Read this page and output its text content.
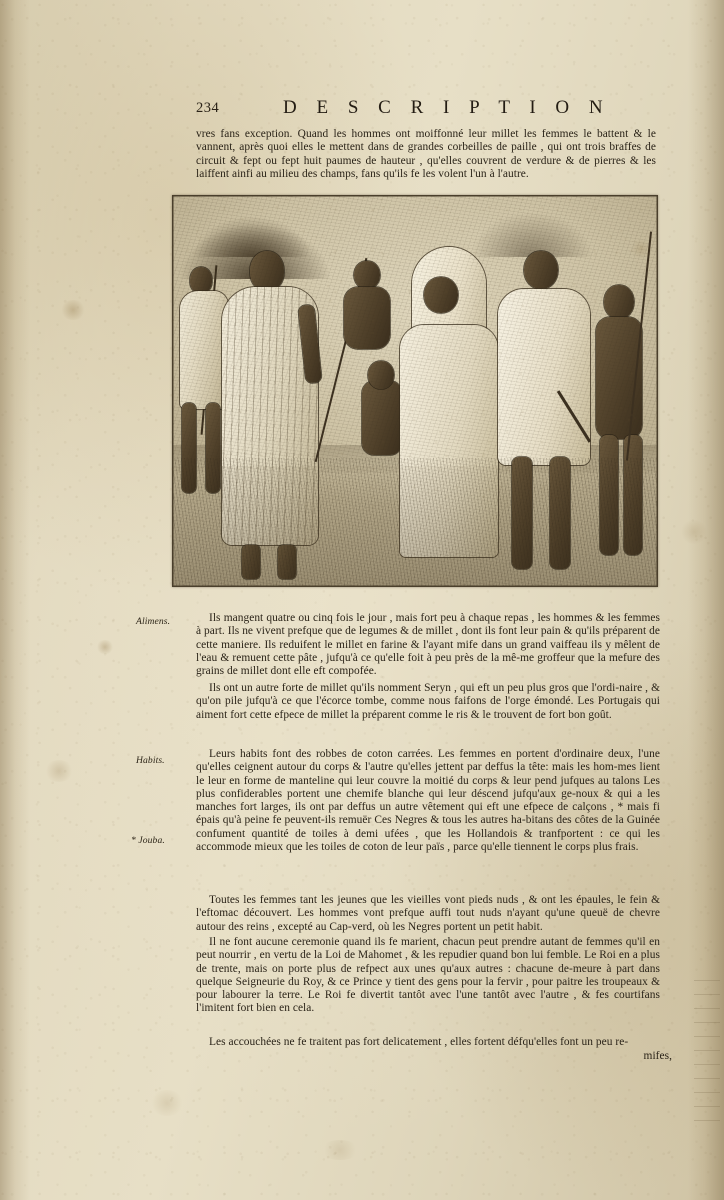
234	D E S C R I P T I O N
vres fans exception. Quand les hommes ont moiffonné leur millet les femmes le battent & le vannent, après quoi elles le mettent dans de grandes corbeilles de paille , qui ont trois braffes de circuit & fept ou fept huit paumes de hauteur , qu'elles couvrent de verdure & de pierres & les laiffent ainfi au milieu des champs, fans qu'ils fe les volent l'un à l'autre.
Alimens.
Habits.
* Jouba.
Ils mangent quatre ou cinq fois le jour , mais fort peu à chaque repas , les hommes & les femmes à part. Ils ne vivent prefque que de legumes & de millet , dont ils font leur pain & qu'ils préparent de cette maniere. Ils reduifent le millet en farine & l'ayant mife dans un grand vaiffeau ils y mêlent de l'eau & remuent cette pâte , jufqu'à ce qu'elle foit à peu près de la mê-me groffeur que la mefure des grains de millet dont elle eft compofée.
Ils ont un autre forte de millet qu'ils nomment Seryn , qui eft un peu plus gros que l'ordi-naire , & qu'on pile jufqu'à ce que l'écorce tombe, comme nous faifons de l'orge émondé. Les Portugais qui aiment fort cette efpece de millet la préparent comme le ris & le trouvent de fort bon goût.
Leurs habits font des robbes de coton carrées. Les femmes en portent d'ordinaire deux, l'une qu'elles ceignent autour du corps & l'autre qu'elles jettent par deffus la tête: mais les hom-mes lient le leur en forme de manteline qui leur couvre la moitié du corps & leur pend jufques au talons Les plus confiderables portent une chemife blanche qui leur déscend jufqu'aux ge-noux & qui a les manches fort larges, ils ont par deffus un autre vêtement qui eft une efpece de calçons , * mais fi épais qu'à peine fe peuvent-ils remuër Ces Negres & tous les autres ha-bitans des côtes de la Guinée confument quantité de toiles à demi ufées , que les Hollandois & tranfportent : ce qui les accommode mieux que les toiles de coton de leur païs , parce qu'elle tiennent le corps plus frais.
Toutes les femmes tant les jeunes que les vieilles vont pieds nuds , & ont les épaules, le fein & l'eftomac découvert. Les hommes vont prefque auffi tout nuds n'ayant qu'une queuë de chevre autour des reins , excepté au Cap-verd, où les Negres portent un petit habit.
Il ne font aucune ceremonie quand ils fe marient, chacun peut prendre autant de femmes qu'il en peut nourrir , en vertu de la Loi de Mahomet , & les repudier quand bon lui femble. Le Roi en a plus de trente, mais on porte plus de refpect aux unes qu'aux autres : chacune de-meure à part dans quelque Seigneurie du Roy, & ce Prince y tient des gens pour la fervir , pour paitre les troupeaux & pour labourer la terre. Le Roi fe divertit tantôt avec l'une tantôt avec l'autre , & fes courtifans l'imitent fort bien en cela.
Les accouchées ne fe traitent pas fort delicatement , elles fortent défqu'elles font un peu re-
mifes,
